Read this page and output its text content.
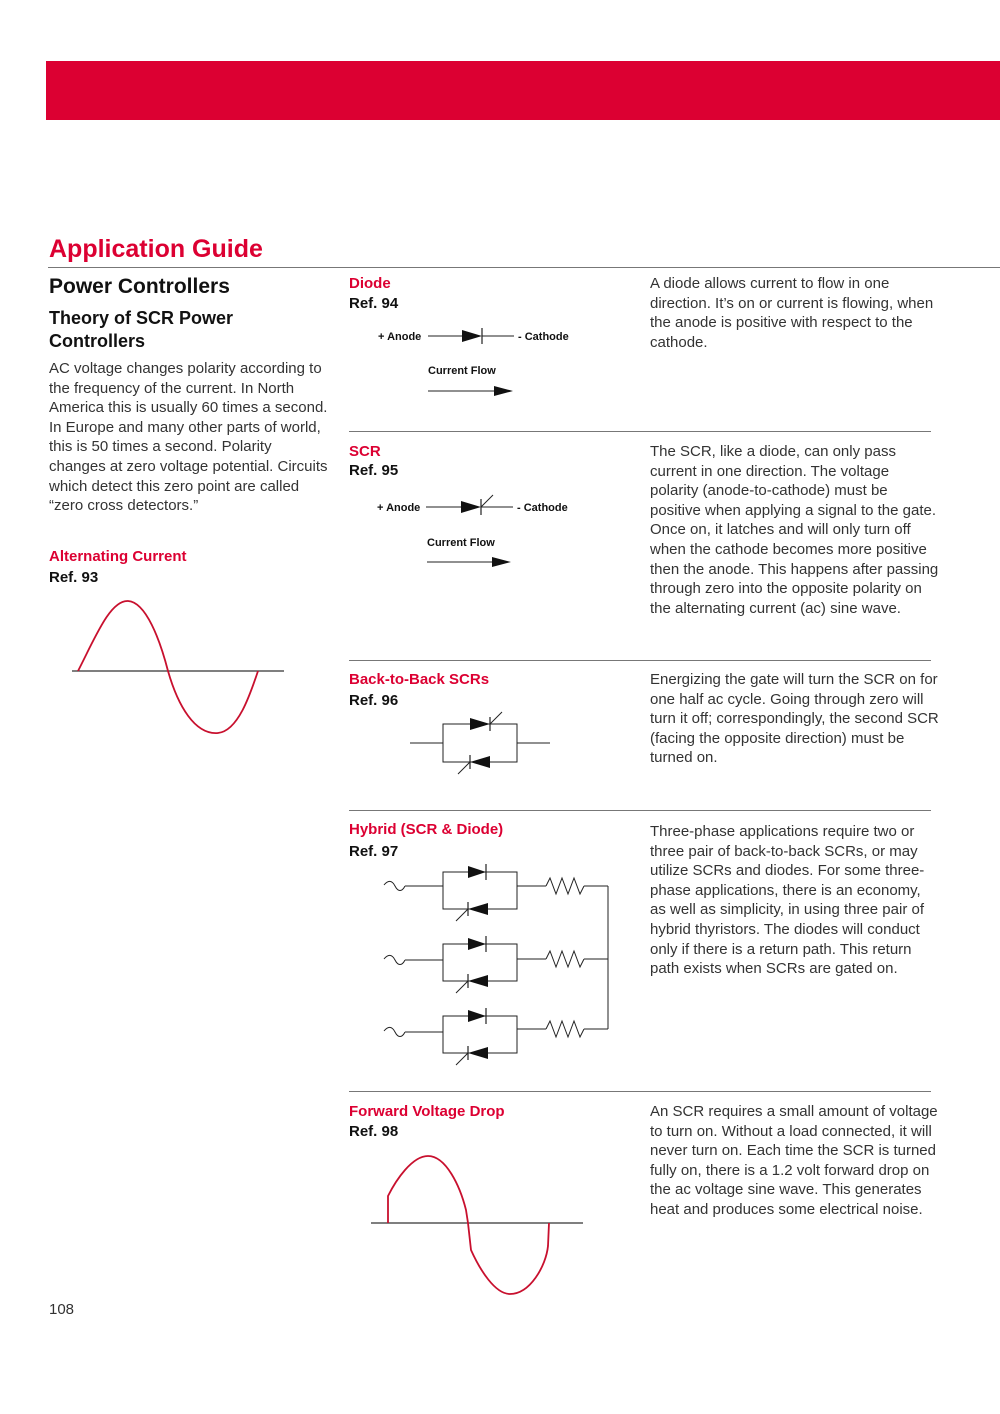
Application Guide
Power Controllers
Theory of SCR Power Controllers
AC voltage changes polarity according to the frequency of the current. In North America this is usually 60 times a second. In Europe and many other parts of world, this is 50 times a second. Polarity changes at zero voltage potential. Circuits which detect this zero point are called “zero cross detectors.”
Alternating Current
Ref. 93
Diode
Ref. 94
+ Anode	- Cathode
Current Flow
A diode allows current to flow in one direction. It’s on or current is flowing, when the anode is positive with respect to the cathode.
SCR
Ref. 95
+ Anode	- Cathode
Current Flow
The SCR, like a diode, can only pass current in one direction. The voltage polarity (anode-to-cathode) must be positive when applying a signal to the gate. Once on, it latches and will only turn off when the cathode becomes more positive then the anode. This happens after passing through zero into the opposite polarity on the alternating current (ac) sine wave.
Back-to-Back SCRs
Ref. 96
Energizing the gate will turn the SCR on for one half ac cycle. Going through zero will turn it off; correspondingly, the second SCR (facing the opposite direction) must be turned on.
Hybrid (SCR & Diode)
Ref. 97
Three-phase applications require two or three pair of back-to-back SCRs, or may utilize SCRs and diodes. For some three-phase applications, there is an economy, as well as simplicity, in using three pair of hybrid thyristors. The diodes will conduct only if there is a return path. This return path exists when SCRs are gated on.
Forward Voltage Drop
Ref. 98
An SCR requires a small amount of voltage to turn on. Without a load connected, it will never turn on. Each time the SCR is turned fully on, there is a 1.2 volt forward drop on the ac voltage sine wave. This generates heat and produces some electrical noise.
108
